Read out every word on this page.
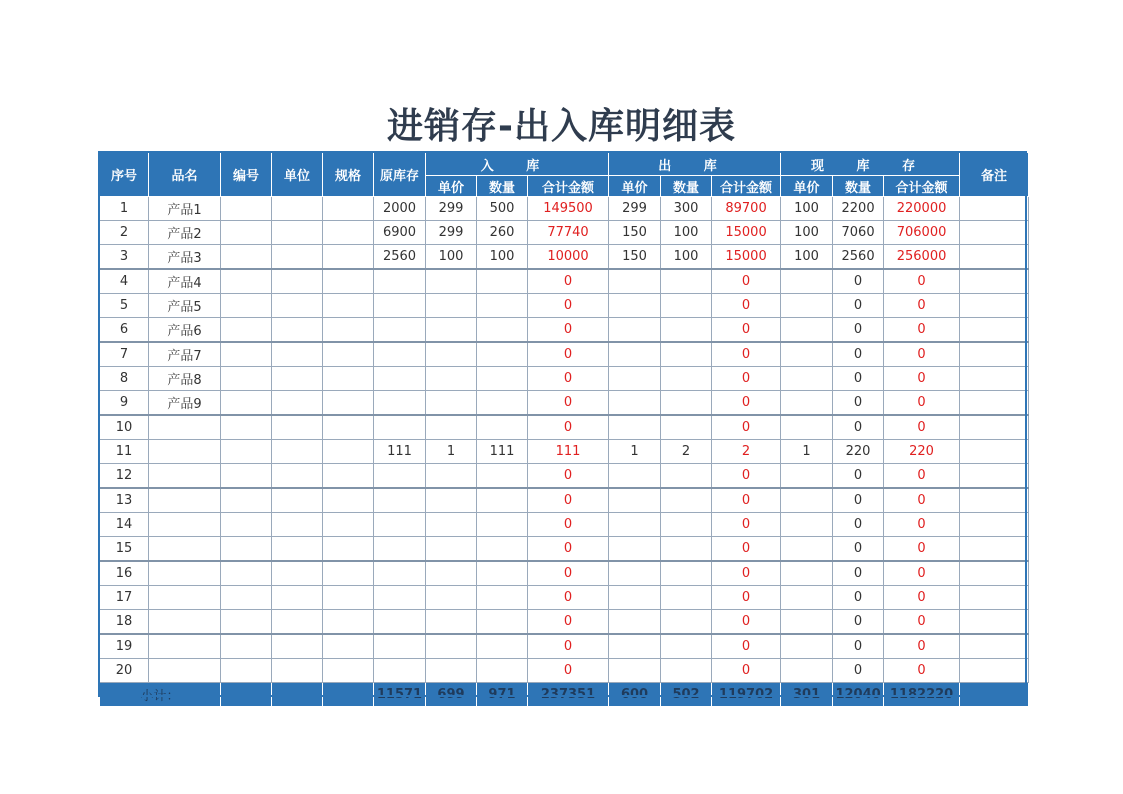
进销存-出入库明细表
序号	品名	编号	单位	规格	原库存	入 库			出 库			现 库 存			备注
						单价	数量	合计金额	单价	数量	合计金额	单价	数量	合计金额	
1	产品1				2000	299	500	149500	299	300	89700	100	2200	220000	
2	产品2				6900	299	260	77740	150	100	15000	100	7060	706000	
3	产品3				2560	100	100	10000	150	100	15000	100	2560	256000	
4	产品4							0			0		0	0	
5	产品5							0			0		0	0	
6	产品6							0			0		0	0	
7	产品7							0			0		0	0	
8	产品8							0			0		0	0	
9	产品9							0			0		0	0	
10								0			0		0	0	
11					111	1	111	111	1	2	2	1	220	220	
12								0			0		0	0	
13								0			0		0	0	
14								0			0		0	0	
15								0			0		0	0	
16								0			0		0	0	
17								0			0		0	0	
18								0			0		0	0	
19								0			0		0	0	
20								0			0		0	0	
小计：					11571	699	971	237351	600	502	119702	301	12040	1182220	
